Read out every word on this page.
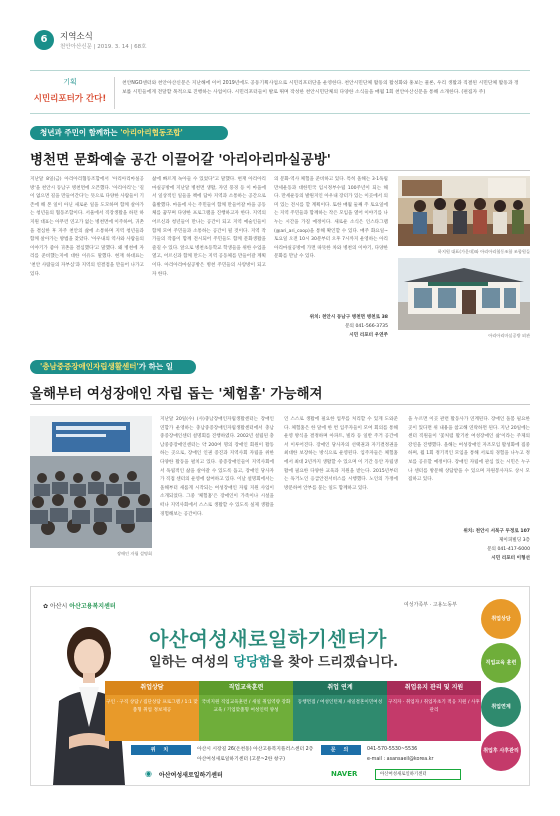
6	지역소식
천안아산신문 | 2019. 3. 14 | 68호
기획
시민리포터가 간다!
천안NGO센터와 천안아산신문은 지난해에 이어 2019년에도 공동기획사업으로 시민리포터단을 운영한다. 천안시민단체 활동의 활성화와 홍보는 물론, 우리 생활과 직결된 시민단체 활동과 정보를 시민들에게 전달할 목적으로 진행하는 사업이다. 시민리포터들이 발로 뛰며 작성한 천안시민단체의 다양한 소식들을 매월 1회 천안아산신문을 통해 소개한다. (편집자 주)
청년과 주민이 함께하는 '아리아리협동조합'
병천면 문화예술 공간 이끌어갈 '아리아리마실공방'
지난달 8일(금) 아리아리협동조합에서 '아리아리마실공방'을 천안시 동남구 병천면에 오픈했다. '아리아리'는 '길이 없으면 길을 만들어간다'는 뜻으로 다양한 사람들이 기존에 해 본 일이 아닌 새로운 일을 도모하며 함께 살아가는 청년들의 협동조합이다. 서울에서 직장생활을 하던 하지원 대표는 아무런 연고가 없는 병천면에 이주하여, 귀촌을 결심한 후 자주 천안의 삶에 소통하며 지역 청년들과 함께 살아가는 방법을 찾았다. '아우내의 역사와 사람들의 이야기가 좋아 귀촌을 결심했다'고 말했다. 왜 병천에 자리를 준비했는지에 대한 이유도 말했다. 현재 하대표는 '천안 사람들의 자부심'과 지역의 연결점을 만들어 나가고 있다.
삶에 빠르게 녹아들 수 있었다"고 말했다. 현재 아리아리마실공방에 지난달 병천면 생활, 자연 풍경 등 이 마을에서 일상적인 일들을 책에 담아 지역과 소통하는 공간으로 출발했다. 마을에 사는 주민들이 함께 만들어갈 마을 공동체를 꿈꾸며 다양한 프로그램을 진행하고자 한다. 지역의 어르신과 청년들이 만나는 공간이 되고 지역 예술인들이 함께 모여 주민들과 소통하는 공간이 될 것이다. 지역 작가들의 작품이 함께 전시되어 주민들도 함께 문화생활을 즐길 수 있다. 앞으로 병천초등학교 학생들을 위한 수업을 열고, 어르신과 함께 만드는 지역 공동체를 만들어갈 계획이다. 아리아리마실공방은 병천 주민들의 사랑방이 되고자 한다.
의 문화·역사 체험을 준비하고 있다. 특히 올해는 3·1독립만세운동과 대한민국 임시정부수립 100주년이 되는 해다. 만세운동의 발원지인 아우내 장터가 있는 이곳에서 의미 있는 전시를 할 계획이다. 또한 매월 둘째 주 토요일에는 지역 주민들과 함께하는 작은 모임을 열어 이야기를 나누는 시간을 가질 예정이다. 새로운 소식은 인스타그램(@ari_ari_coop)을 통해 확인할 수 있다. 매주 화요일~토요일 오전 10시 30분부터 오후 7시까지 운영하는 아리아리마실공방에 가면 따뜻한 차와 병천의 이야기, 다양한 문화를 만날 수 있다.
위치: 천안시 동남구 병천면 병천로 38
문의 041-566-3735
시민 리포터 우연주
하지원 대표(가운데)와 아리아리협동조합 조합원들
아리아리마실공방 외관
'충남중증장애인자립생활센터'가 하는 일
올해부터 여성장애인 자립 돕는 '체험홈' 가능해져
장애인 자립 설명회
지난달 20일(수) (사)충남장애인자립생활센터는 장애인연합가 운영하는 충남중증장애인자립생활센터에서 충남중증장애인센터 설명회를 진행하였다. 2002년 설립된 충남중증장애인센터는 약 200여 명의 장애인 회원이 활동하는 곳으로, 장애인 인권 증진과 지역사회 자립을 위한 다양한 활동을 펼치고 있다. 중증장애인들이 지역사회에서 독립적인 삶을 살아갈 수 있도록 돕고, 장애인 당사자가 직접 센터의 운영에 참여하고 있다. 이날 설명회에서는 올해부터 새롭게 시작되는 여성장애인 자립 지원 사업이 소개되었다. 그중 '체험홈'은 장애인이 가족이나 시설을 떠나 지역사회에서 스스로 생활할 수 있도록 실제 생활을 경험해보는 공간이다.
인 스스로 생활에 필요한 업무를 처리할 수 있게 도와준다. 체험홈은 한 달에 한 번 입주자들이 모여 회의를 통해 운영 방식을 결정하며 아파트, 빌라 등 일반 주거 공간에서 이루어진다. 장애인 당사자의 선택권과 자기결정권을 최대한 보장하는 방식으로 운영된다. 입주자들은 체험홈에서 최대 2년까지 생활할 수 있으며 이 기간 동안 자립생활에 필요한 다양한 교육과 지원을 받는다. 2015년부터는 독거노인 응급안전서비스를 시행했다. 노인의 가정에 방문하여 안부를 묻는 일도 함께하고 있다.
을 누르면 이곳 관련 활동사가 연계된다. 장애인 돌봄 필요한 곳이 있다면 위 내용을 참고해 연락하면 된다. 지난 20일에는 센터 직원들이 '꽃처럼 활기찬 여성장애인 삶'이라는 주제의 강연을 진행했다. 올해는 여성장애인 자조모임 활성화에 집중하며, 월 1회 정기적인 모임을 통해 서로의 경험을 나누고 정보를 공유할 예정이다. 장애인 자립에 관심 있는 시민은 누구나 센터를 방문해 상담받을 수 있으며 자원봉사자도 상시 모집하고 있다.
위치: 천안시 서북구 두정로 107
제이피빌딩 3층
문의 041-417-6000
시민 리포터 이형선
✿ 아산시 아산고용복지센터	여성가족부 · 고용노동부
아산여성새로일하기센터가
일하는 여성의 당당함을 찾아 드리겠습니다.
취업상담
구인 · 구직 상담 / 집단상담 프로그램 / 1:1 맞춤형 취업 정보제공
직업교육훈련
국비지원 직업교육훈련 / 새일 취업역량 강화 교육 / 기업맞춤형 여성인력 양성
취업 연계
동행면접 / 여성인턴제 / 새일결혼이민여성
취업유지 관리 및 지원
구직자 · 취업자 / 취업자초기 적응 지원 / 사후관리
위 치	아산시 시장길 26(온천동) 아산고용복지플러스센터 2층
아산여성새로일하기센터 (고분~2한 창구)
문 의	041-570-5530~5536
e-mail : asansaeil@korea.kr
◉ 아산여성새로일하기센터	NAVER	아산여성새로일하기센터
취업상담
직업교육 훈련
취업연계
취업후 사후관리
